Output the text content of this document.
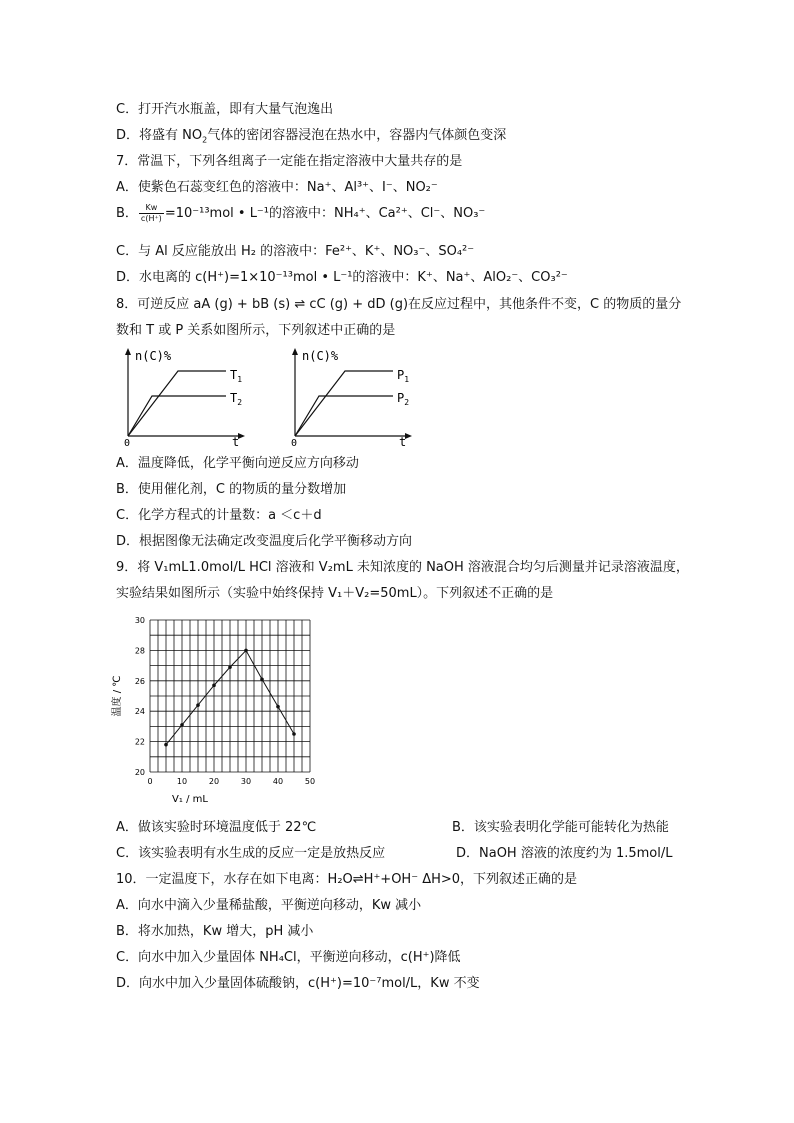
C．打开汽水瓶盖，即有大量气泡逸出
D．将盛有 $NO_2$气体的密闭容器浸泡在热水中，容器内气体颜色变深
7．常温下，下列各组离子一定能在指定溶液中大量共存的是
A．使紫色石蕊变红色的溶液中：Na⁺、Al³⁺、I⁻、NO₂⁻
B． $\frac{Kw}{c(H^+)} =10^{-13}mol$ • L⁻¹的溶液中：NH₄⁺、Ca²⁺、Cl⁻、NO₃⁻
C．与 Al 反应能放出 H₂ 的溶液中：Fe²⁺、K⁺、NO₃⁻、SO₄²⁻
D．水电离的 c(H⁺)=1×10⁻¹³mol • L⁻¹的溶液中：K⁺、Na⁺、AlO₂⁻、CO₃²⁻
8．可逆反应 aA (g) + bB (s) ⇌ cC (g) + dD (g)在反应过程中，其他条件不变，C 的物质的量分
数和 T 或 P 关系如图所示，下列叙述中正确的是
n(C)%
0	t
$T_1$
$T_2$
n(C)%
0	t
$P_1$
$P_2$
A．温度降低，化学平衡向逆反应方向移动
B．使用催化剂，C 的物质的量分数增加
C．化学方程式的计量数：a ＜c＋d
D．根据图像无法确定改变温度后化学平衡移动方向
9．将 V₁mL1.0mol/L HCl 溶液和 V₂mL 未知浓度的 NaOH 溶液混合均匀后测量并记录溶液温度，
实验结果如图所示（实验中始终保持 V₁＋V₂=50mL）。下列叙述不正确的是
0	10	20	30	40	50
20
22
24
26
28
30
V₁ / mL
温度 / ℃
A．做该实验时环境温度低于 22℃	B．该实验表明化学能可能转化为热能
C．该实验表明有水生成的反应一定是放热反应	D．NaOH 溶液的浓度约为 1.5mol/L
10．一定温度下，水存在如下电离：H₂O⇌H⁺+OH⁻ ΔH>0，下列叙述正确的是
A．向水中滴入少量稀盐酸，平衡逆向移动，Kw 减小
B．将水加热，Kw 增大，pH 减小
C．向水中加入少量固体 NH₄Cl，平衡逆向移动，c(H⁺)降低
D．向水中加入少量固体硫酸钠，c(H⁺)=10⁻⁷mol/L，Kw 不变
